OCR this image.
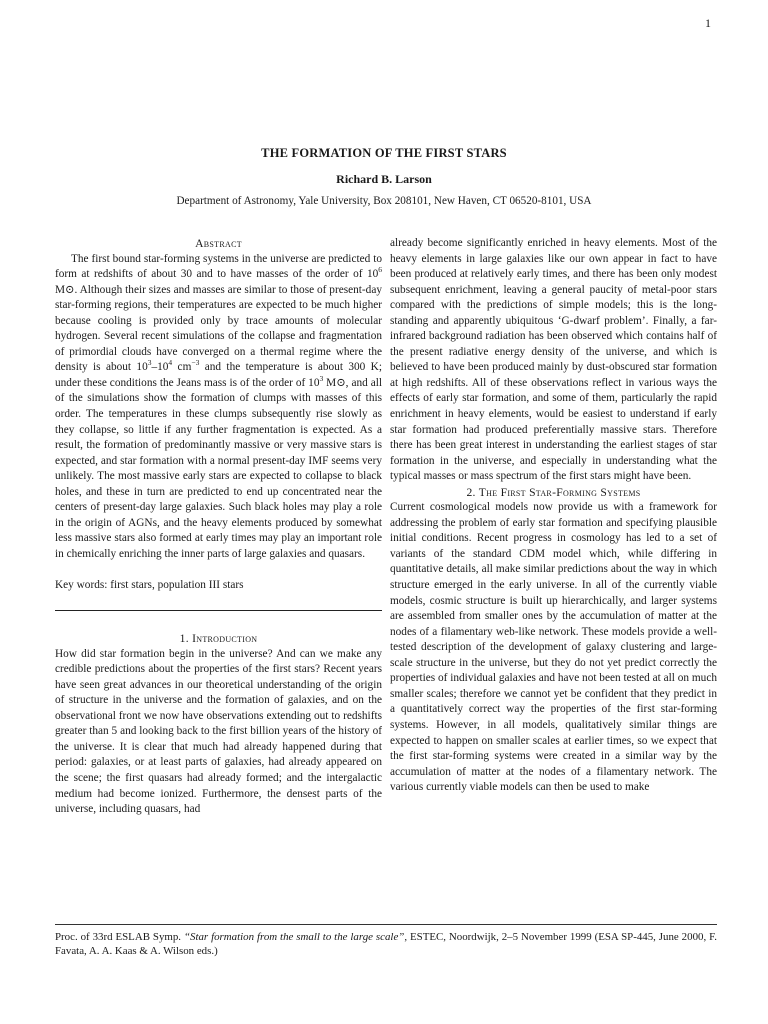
1
THE FORMATION OF THE FIRST STARS
Richard B. Larson
Department of Astronomy, Yale University, Box 208101, New Haven, CT 06520-8101, USA

Abstract

The first bound star-forming systems in the universe are predicted to form at redshifts of about 30 and to have masses of the order of $10^6$ M⊙. Although their sizes and masses are similar to those of present-day star-forming regions, their temperatures are expected to be much higher because cooling is provided only by trace amounts of molecular hydrogen. Several recent simulations of the collapse and fragmentation of primordial clouds have converged on a thermal regime where the density is about $10^3-10^4$ $cm^{-3}$ and the temperature is about 300 K; under these conditions the Jeans mass is of the order of $10^3$ M⊙, and all of the simulations show the formation of clumps with masses of this order. The temperatures in these clumps subsequently rise slowly as they collapse, so little if any further fragmentation is expected. As a result, the formation of predominantly massive or very massive stars is expected, and star formation with a normal present-day IMF seems very unlikely. The most massive early stars are expected to collapse to black holes, and these in turn are predicted to end up concentrated near the centers of present-day large galaxies. Such black holes may play a role in the origin of AGNs, and the heavy elements produced by somewhat less massive stars also formed at early times may play an important role in chemically enriching the inner parts of large galaxies and quasars.

Key words: first stars, population III stars

1. Introduction

How did star formation begin in the universe? And can we make any credible predictions about the properties of the first stars? Recent years have seen great advances in our theoretical understanding of the origin of structure in the universe and the formation of galaxies, and on the observational front we now have observations extending out to redshifts greater than 5 and looking back to the first billion years of the history of the universe. It is clear that much had already happened during that period: galaxies, or at least parts of galaxies, had already appeared on the scene; the first quasars had already formed; and the intergalactic medium had become ionized. Furthermore, the densest parts of the universe, including quasars, had

already become significantly enriched in heavy elements. Most of the heavy elements in large galaxies like our own appear in fact to have been produced at relatively early times, and there has been only modest subsequent enrichment, leaving a general paucity of metal-poor stars compared with the predictions of simple models; this is the long-standing and apparently ubiquitous ‘G-dwarf problem’. Finally, a far-infrared background radiation has been observed which contains half of the present radiative energy density of the universe, and which is believed to have been produced mainly by dust-obscured star formation at high redshifts. All of these observations reflect in various ways the effects of early star formation, and some of them, particularly the rapid enrichment in heavy elements, would be easiest to understand if early star formation had produced preferentially massive stars. Therefore there has been great interest in understanding the earliest stages of star formation in the universe, and especially in understanding what the typical masses or mass spectrum of the first stars might have been.

2. The First Star-Forming Systems

Current cosmological models now provide us with a framework for addressing the problem of early star formation and specifying plausible initial conditions. Recent progress in cosmology has led to a set of variants of the standard CDM model which, while differing in quantitative details, all make similar predictions about the way in which structure emerged in the early universe. In all of the currently viable models, cosmic structure is built up hierarchically, and larger systems are assembled from smaller ones by the accumulation of matter at the nodes of a filamentary web-like network. These models provide a well-tested description of the development of galaxy clustering and large-scale structure in the universe, but they do not yet predict correctly the properties of individual galaxies and have not been tested at all on much smaller scales; therefore we cannot yet be confident that they predict in a quantitatively correct way the properties of the first star-forming systems. However, in all models, qualitatively similar things are expected to happen on smaller scales at earlier times, so we expect that the first star-forming systems were created in a similar way by the accumulation of matter at the nodes of a filamentary network. The various currently viable models can then be used to make

Proc. of 33rd ESLAB Symp. “Star formation from the small to the large scale”, ESTEC, Noordwijk, 2–5 November 1999 (ESA SP-445, June 2000, F. Favata, A. A. Kaas & A. Wilson eds.)
